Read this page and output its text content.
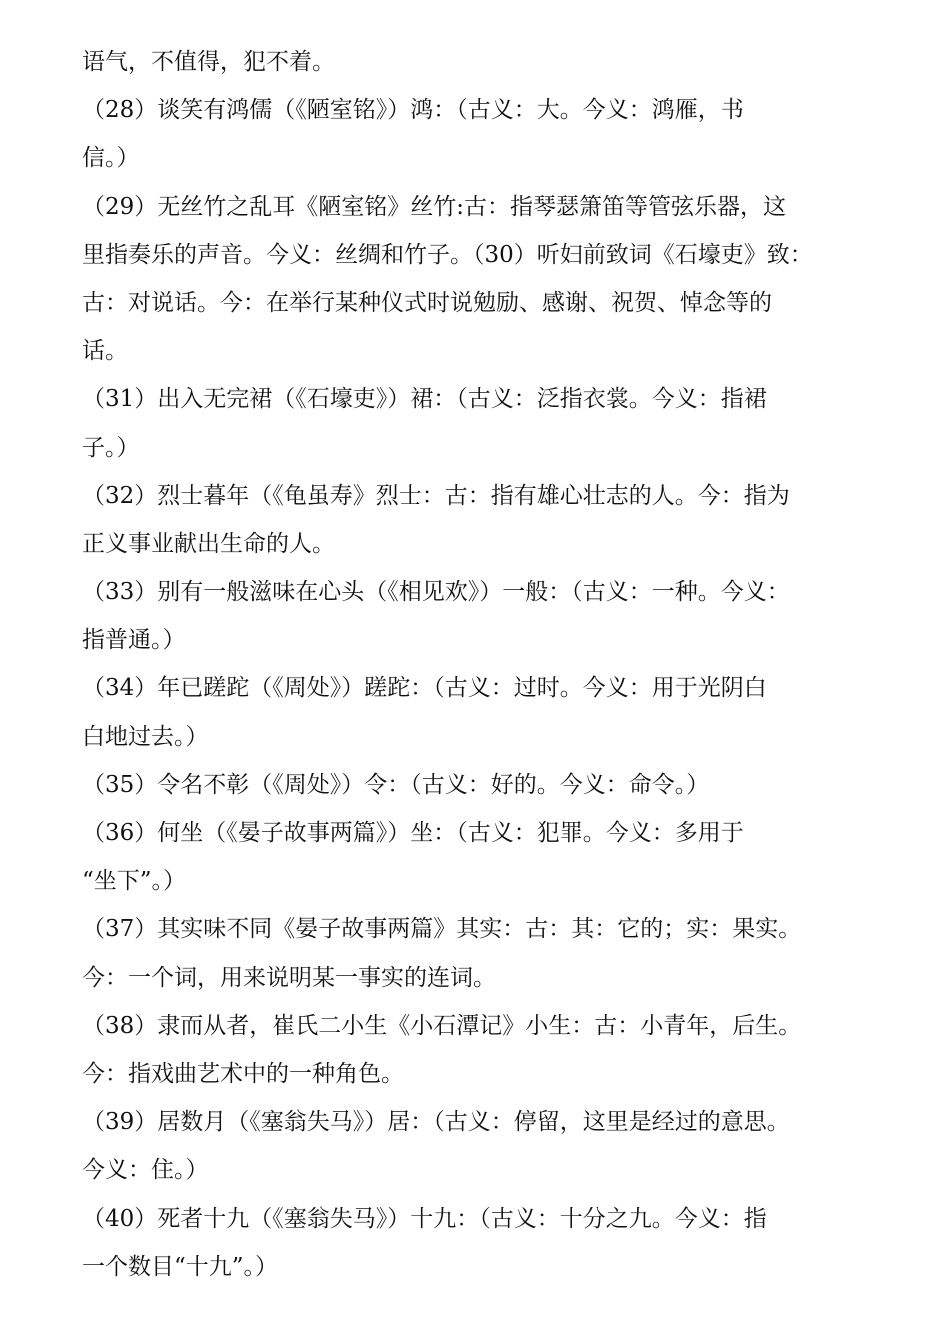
语气，不值得，犯不着。
（28）谈笑有鸿儒（《陋室铭》）鸿：（古义：大。今义：鸿雁，书
信。）
（29）无丝竹之乱耳《陋室铭》丝竹:古：指琴瑟箫笛等管弦乐器，这
里指奏乐的声音。今义：丝绸和竹子。（30）听妇前致词《石壕吏》致：
古：对说话。今：在举行某种仪式时说勉励、感谢、祝贺、悼念等的
话。
（31）出入无完裙（《石壕吏》）裙：（古义：泛指衣裳。今义：指裙
子。）
（32）烈士暮年（《龟虽寿》烈士：古：指有雄心壮志的人。今：指为
正义事业献出生命的人。
（33）别有一般滋味在心头（《相见欢》）一般：（古义：一种。今义：
指普通。）
（34）年已蹉跎（《周处》）蹉跎：（古义：过时。今义：用于光阴白
白地过去。）
（35）令名不彰（《周处》）令：（古义：好的。今义：命令。）
（36）何坐（《晏子故事两篇》）坐：（古义：犯罪。今义：多用于
“坐下”。）
（37）其实味不同《晏子故事两篇》其实：古：其：它的；实：果实。
今：一个词，用来说明某一事实的连词。
（38）隶而从者，崔氏二小生《小石潭记》小生：古：小青年，后生。
今：指戏曲艺术中的一种角色。
（39）居数月（《塞翁失马》）居：（古义：停留，这里是经过的意思。
今义：住。）
（40）死者十九（《塞翁失马》）十九：（古义：十分之九。今义：指
一个数目“十九”。）
